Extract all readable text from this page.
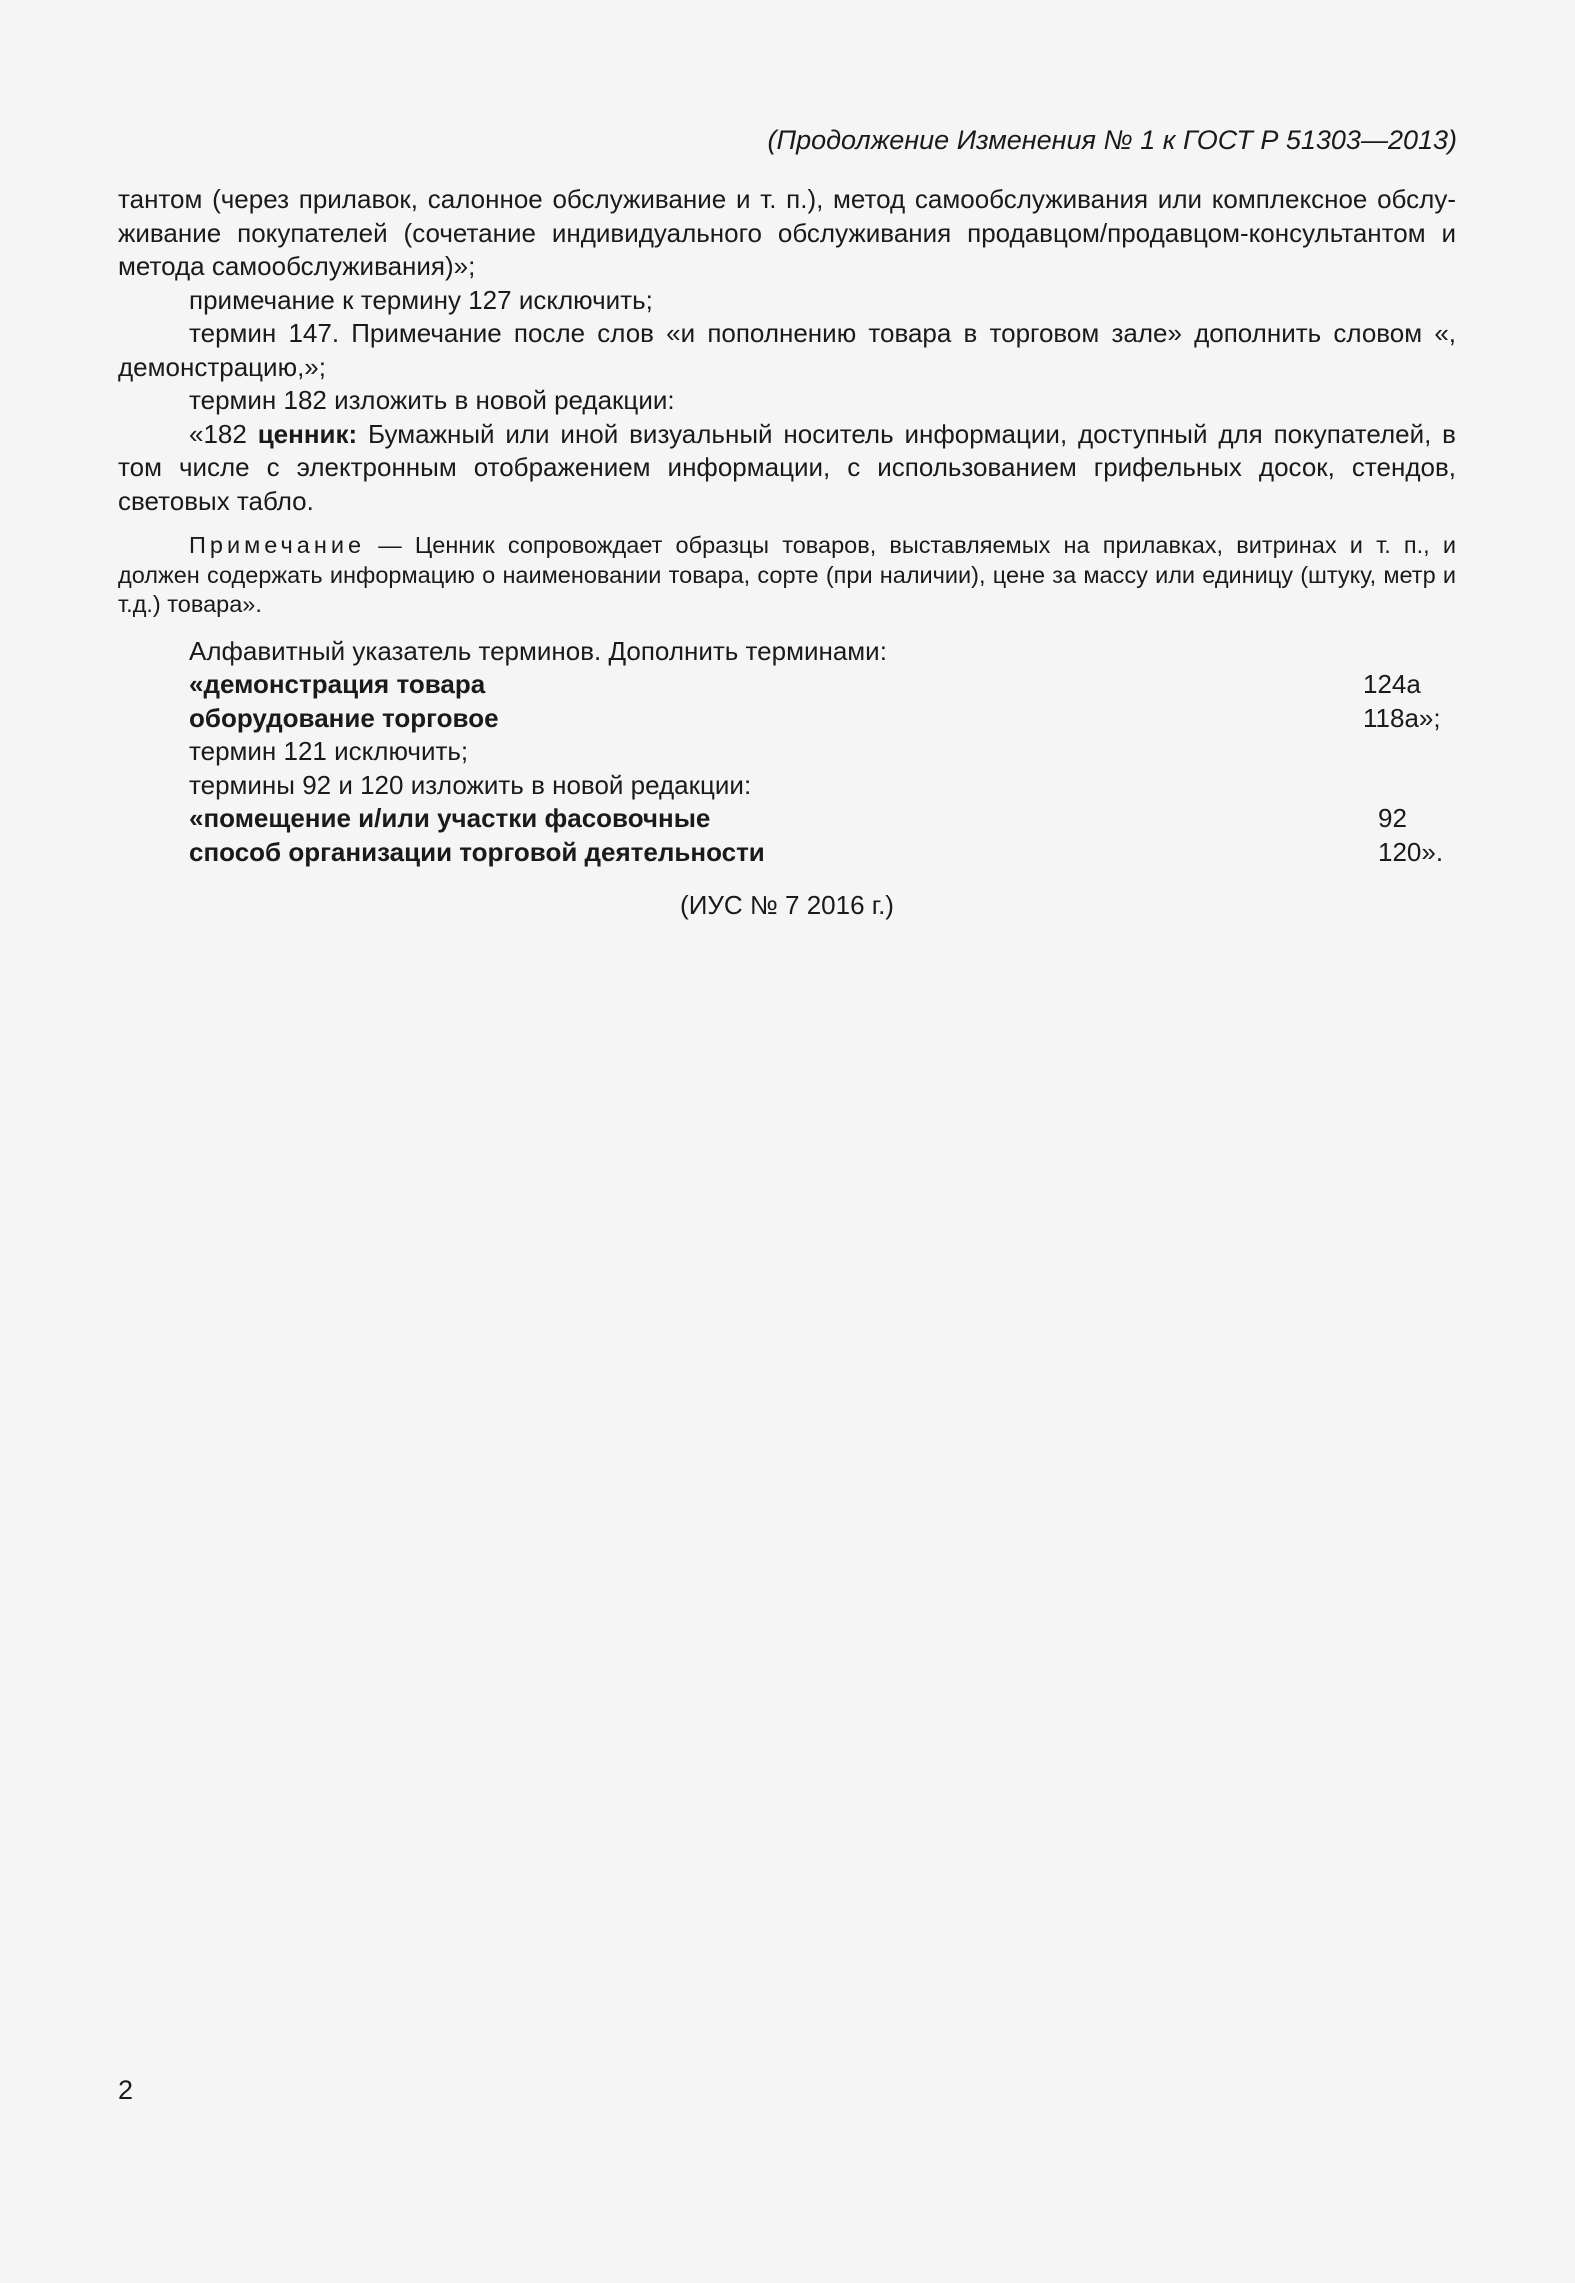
(Продолжение Изменения № 1 к ГОСТ Р 51303—2013)

тантом (через прилавок, салонное обслуживание и т. п.), метод самообслуживания или комплексное обслу-живание покупателей (сочетание индивидуального обслуживания продавцом/продавцом-консультантом и метода самообслуживания)»;

примечание к термину 127 исключить;

термин 147. Примечание после слов «и пополнению товара в торговом зале» дополнить словом «, демонстрацию,»;

термин 182 изложить в новой редакции:

«182 ценник: Бумажный или иной визуальный носитель информации, доступный для покупателей, в том числе с электронным отображением информации, с использованием грифельных досок, стендов, световых табло.

Примечание — Ценник сопровождает образцы товаров, выставляемых на прилавках, витринах и т. п., и должен содержать информацию о наименовании товара, сорте (при наличии), цене за массу или единицу (штуку, метр и т.д.) товара».

Алфавитный указатель терминов. Дополнить терминами:
«демонстрация товара	124а
оборудование торговое	118а»;
термин 121 исключить;
термины 92 и 120 изложить в новой редакции:
«помещение и/или участки фасовочные	92
способ организации торговой деятельности	120».
(ИУС № 7 2016 г.)
2
